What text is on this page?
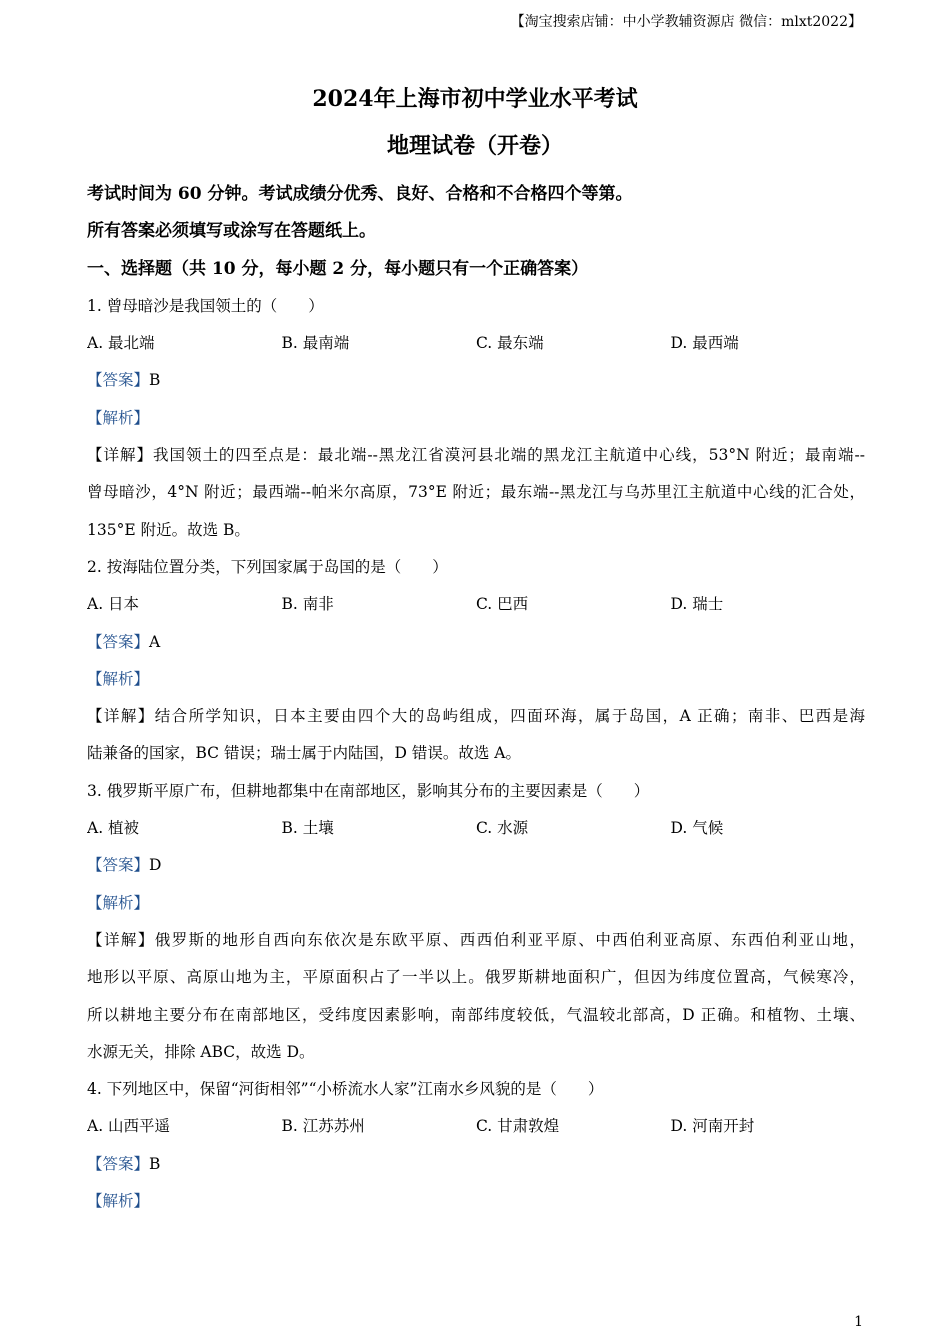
【淘宝搜索店铺：中小学教辅资源店 微信：mlxt2022】
2024年上海市初中学业水平考试
地理试卷（开卷）
考试时间为 60 分钟。考试成绩分优秀、良好、合格和不合格四个等第。
所有答案必须填写或涂写在答题纸上。
一、选择题（共 10 分，每小题 2 分，每小题只有一个正确答案）
1. 曾母暗沙是我国领土的（　　）
A. 最北端	B. 最南端	C. 最东端	D. 最西端
【答案】B
【解析】
【详解】我国领土的四至点是：最北端--黑龙江省漠河县北端的黑龙江主航道中心线，53°N 附近；最南端--
曾母暗沙，4°N 附近；最西端--帕米尔高原，73°E 附近；最东端--黑龙江与乌苏里江主航道中心线的汇合处，
135°E 附近。故选 B。
2. 按海陆位置分类，下列国家属于岛国的是（　　）
A. 日本	B. 南非	C. 巴西	D. 瑞士
【答案】A
【解析】
【详解】结合所学知识，日本主要由四个大的岛屿组成，四面环海，属于岛国，A 正确；南非、巴西是海
陆兼备的国家，BC 错误；瑞士属于内陆国，D 错误。故选 A。
3. 俄罗斯平原广布，但耕地都集中在南部地区，影响其分布的主要因素是（　　）
A. 植被	B. 土壤	C. 水源	D. 气候
【答案】D
【解析】
【详解】俄罗斯的地形自西向东依次是东欧平原、西西伯利亚平原、中西伯利亚高原、东西伯利亚山地，
地形以平原、高原山地为主，平原面积占了一半以上。俄罗斯耕地面积广，但因为纬度位置高，气候寒冷，
所以耕地主要分布在南部地区，受纬度因素影响，南部纬度较低，气温较北部高，D 正确。和植物、土壤、
水源无关，排除 ABC，故选 D。
4. 下列地区中，保留“河街相邻”“小桥流水人家”江南水乡风貌的是（　　）
A. 山西平遥	B. 江苏苏州	C. 甘肃敦煌	D. 河南开封
【答案】B
【解析】
1
